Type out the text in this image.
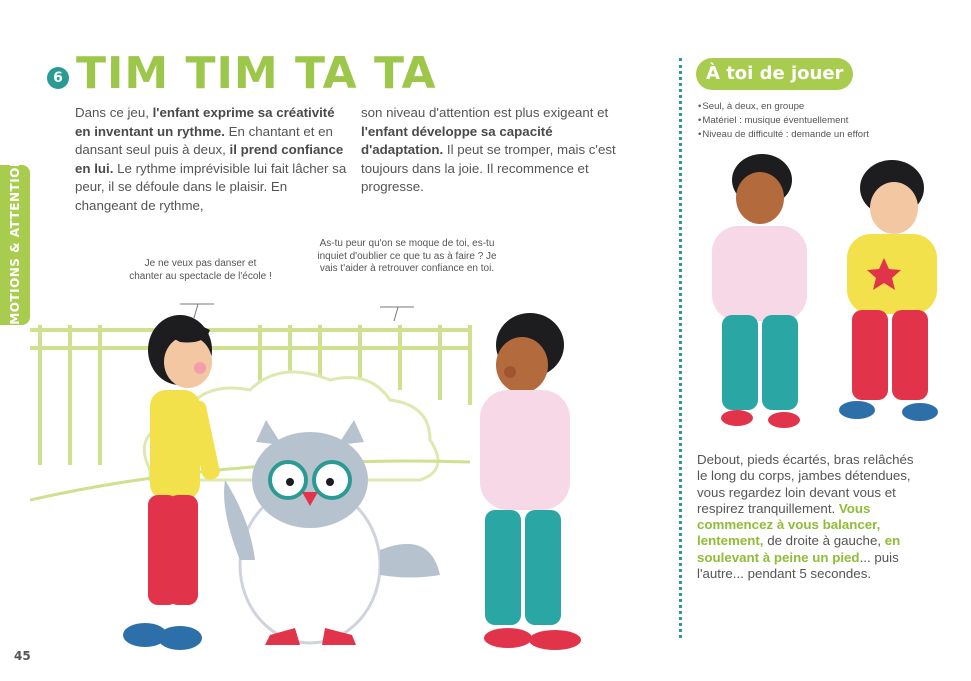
6 TIM TIM TA TA
Dans ce jeu, l'enfant exprime sa créativité en inventant un rythme. En chantant et en dansant seul puis à deux, il prend confiance en lui. Le rythme imprévisible lui fait lâcher sa peur, il se défoule dans le plaisir. En changeant de rythme,
son niveau d'attention est plus exigeant et l'enfant développe sa capacité d'adaptation. Il peut se tromper, mais c'est toujours dans la joie. Il recommence et progresse.
ÉMOTIONS & ATTENTION	Je ne veux pas danser et chanter au spectacle de l'école !
As-tu peur qu'on se moque de toi, es-tu inquiet d'oublier ce que tu as à faire ? Je vais t'aider à retrouver confiance en toi.
45
À toi de jouer
• Seul, à deux, en groupe
• Matériel : musique éventuellement
• Niveau de difficulté : demande un effort
Debout, pieds écartés, bras relâchés le long du corps, jambes détendues, vous regardez loin devant vous et respirez tranquillement. Vous commencez à vous balancer, lentement, de droite à gauche, en soulevant à peine un pied... puis l'autre... pendant 5 secondes.
